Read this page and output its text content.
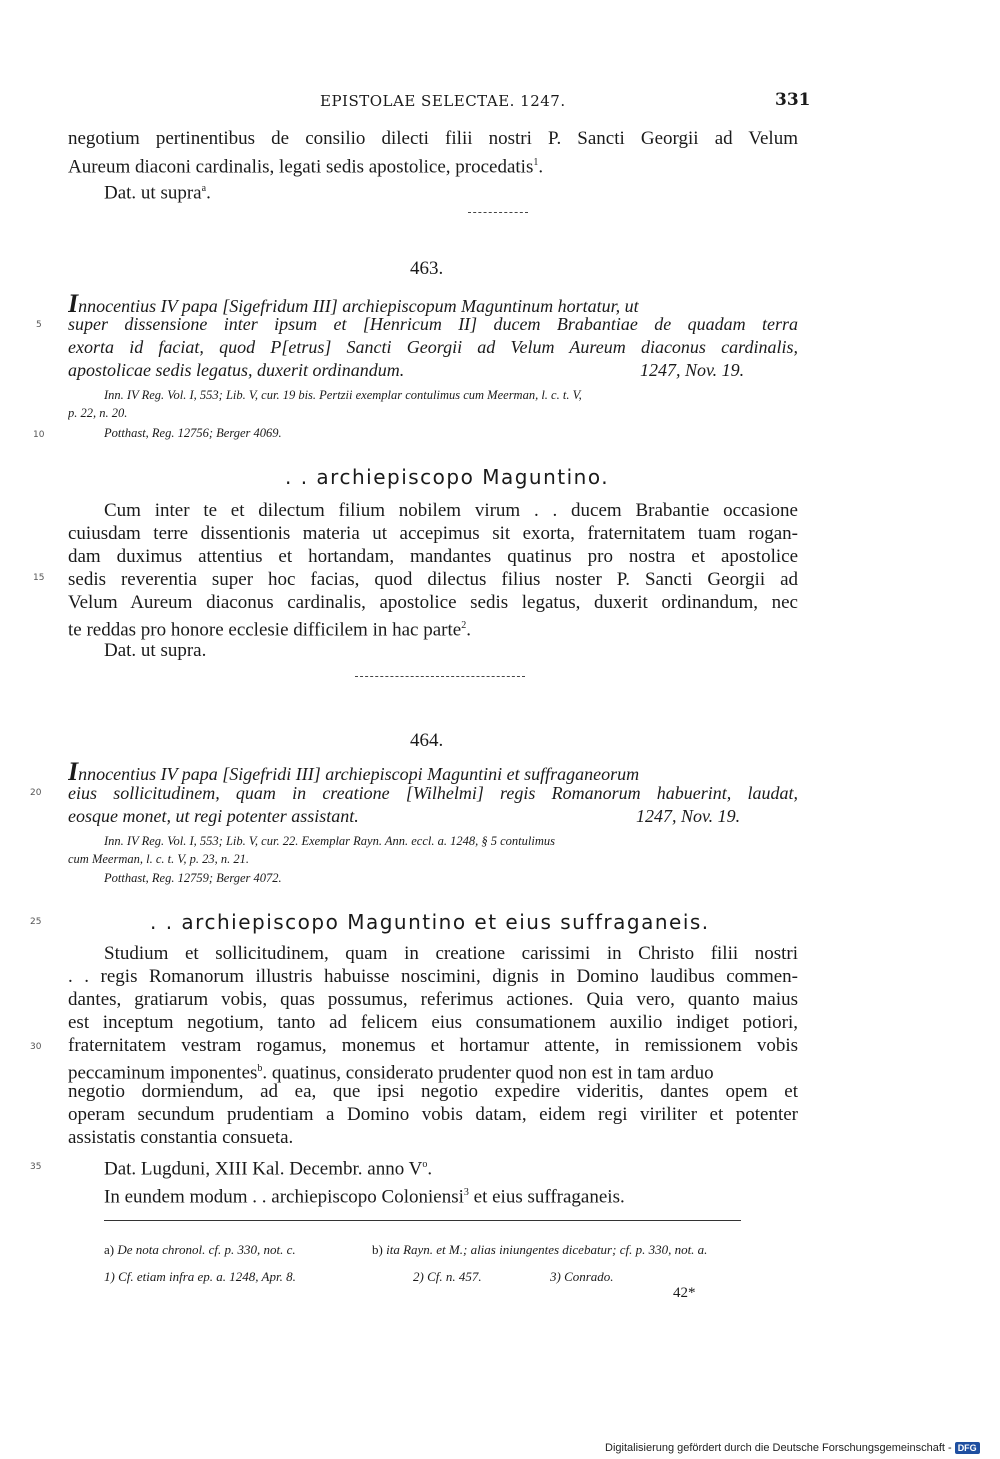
EPISTOLAE SELECTAE. 1247.	331
negotium pertinentibus de consilio dilecti filii nostri P. Sancti Georgii ad Velum
Aureum diaconi cardinalis, legati sedis apostolice, procedatis$^1$.
Dat. ut supra$^a$.
463.
Innocentius IV papa [Sigefridum III] archiepiscopum Maguntinum hortatur, ut
super dissensione inter ipsum et [Henricum II] ducem Brabantiae de quadam terra
exorta id faciat, quod P[etrus] Sancti Georgii ad Velum Aureum diaconus cardinalis,
apostolicae sedis legatus, duxerit ordinandum.	1247, Nov. 19.
Inn. IV Reg. Vol. I, 553; Lib. V, cur. 19 bis. Pertzii exemplar contulimus cum Meerman, l. c. t. V,
p. 22, n. 20.
Potthast, Reg. 12756; Berger 4069.
. . archiepiscopo Maguntino.
Cum inter te et dilectum filium nobilem virum . . ducem Brabantie occasione
cuiusdam terre dissentionis materia ut accepimus sit exorta, fraternitatem tuam rogan-
dam duximus attentius et hortandam, mandantes quatinus pro nostra et apostolice
sedis reverentia super hoc facias, quod dilectus filius noster P. Sancti Georgii ad
Velum Aureum diaconus cardinalis, apostolice sedis legatus, duxerit ordinandum, nec
te reddas pro honore ecclesie difficilem in hac parte$^2$.
Dat. ut supra.
464.
Innocentius IV papa [Sigefridi III] archiepiscopi Maguntini et suffraganeorum
eius sollicitudinem, quam in creatione [Wilhelmi] regis Romanorum habuerint, laudat,
eosque monet, ut regi potenter assistant.	1247, Nov. 19.
Inn. IV Reg. Vol. I, 553; Lib. V, cur. 22. Exemplar Rayn. Ann. eccl. a. 1248, § 5 contulimus
cum Meerman, l. c. t. V, p. 23, n. 21.
Potthast, Reg. 12759; Berger 4072.
. . archiepiscopo Maguntino et eius suffraganeis.
Studium et sollicitudinem, quam in creatione carissimi in Christo filii nostri
. . regis Romanorum illustris habuisse noscimini, dignis in Domino laudibus commen-
dantes, gratiarum vobis, quas possumus, referimus actiones. Quia vero, quanto maius
est inceptum negotium, tanto ad felicem eius consumationem auxilio indiget potiori,
fraternitatem vestram rogamus, monemus et hortamur attente, in remissionem vobis
peccaminum imponentes$^b$. quatinus, considerato prudenter quod non est in tam arduo
negotio dormiendum, ad ea, que ipsi negotio expedire videritis, dantes opem et
operam secundum prudentiam a Domino vobis datam, eidem regi viriliter et potenter
assistatis constantia consueta.
Dat. Lugduni, XIII Kal. Decembr. anno $V^o$.
In eundem modum . . archiepiscopo Coloniensi$^3$ et eius suffraganeis.
5
10
15
20
25
30
35
a) De nota chronol. cf. p. 330, not. c.	b) ita Rayn. et M.; alias iniungentes dicebatur; cf. p. 330, not. a.
1) Cf. etiam infra ep. a. 1248, Apr. 8.	2) Cf. n. 457.	3) Conrado.
42*
Digitalisierung gefördert durch die Deutsche Forschungsgemeinschaft - DFG
